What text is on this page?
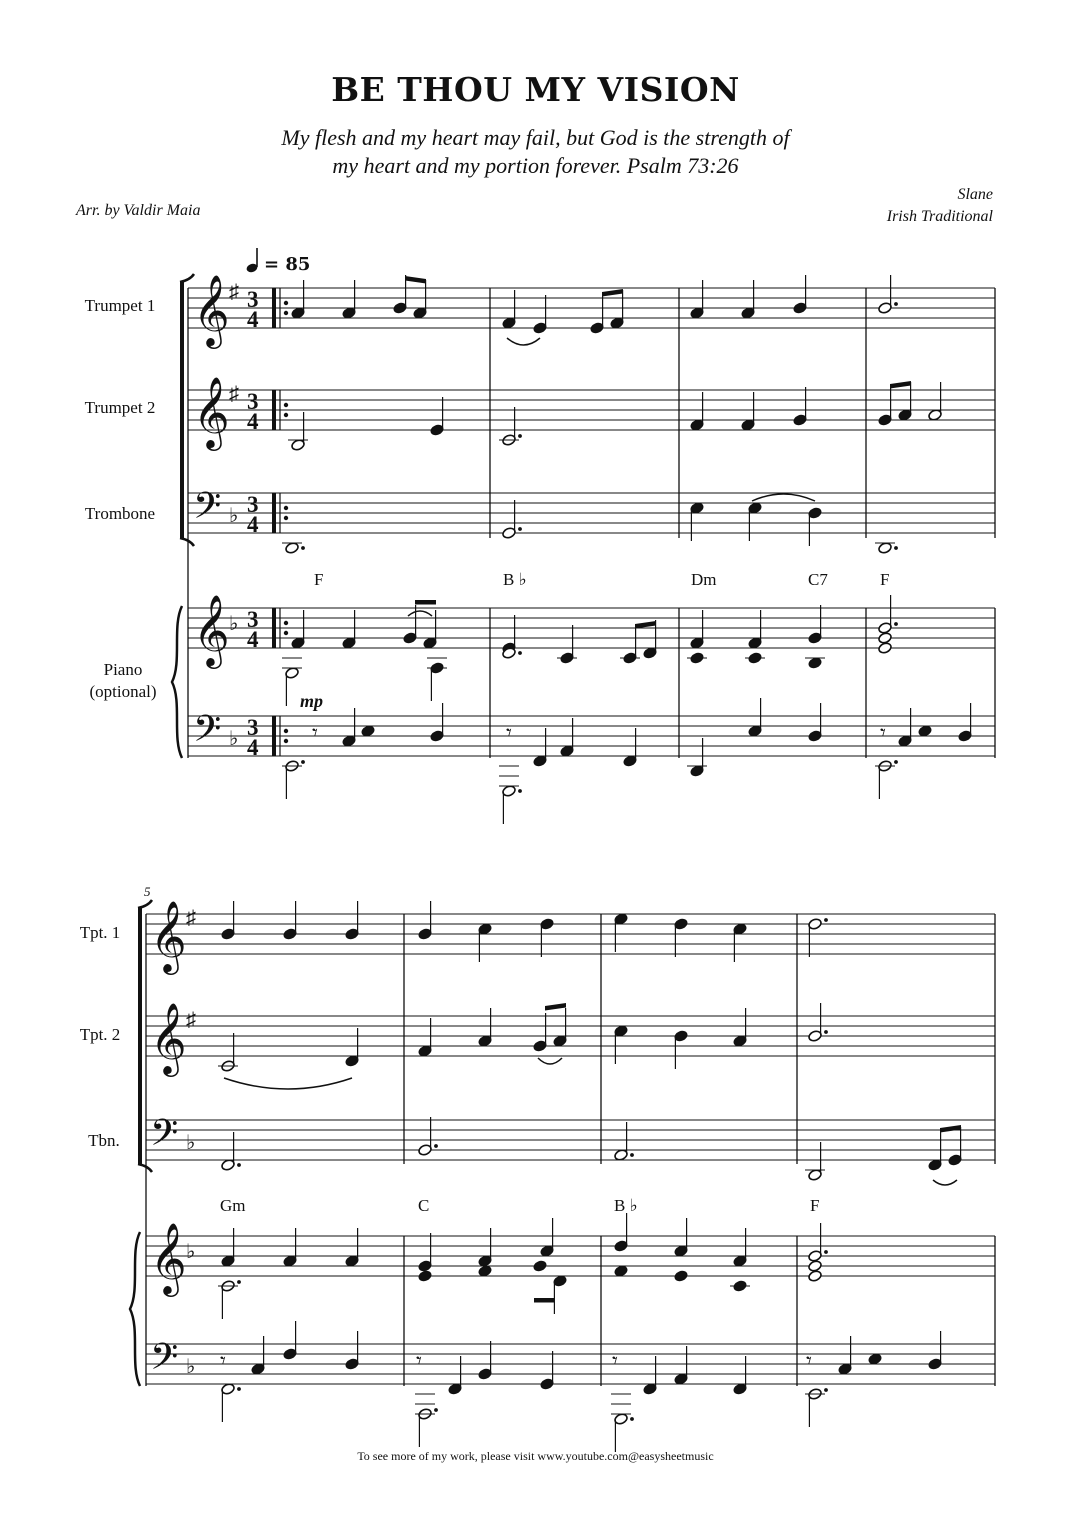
BE THOU MY VISION
My flesh and my heart may fail, but God is the strength of
my heart and my portion forever. Psalm 73:26
Arr. by Valdir Maia
Slane
Irish Traditional
= 85
Trumpet 1
Trumpet 2
Trombone
Piano
(optional)
F	B ♭	Dm	C7	F
mp
𝄞 ♯ 3
4
𝄞 ♯ 3
4
𝄢 ♭ 3
4
𝄞 ♭ 3
4
𝄢 ♭ 3
4
𝄾	𝄾	𝄾
5
Tpt. 1
Tpt. 2
Tbn.
Gm	C	B ♭	F
𝄞 ♯
𝄞 ♯
𝄢 ♭
𝄞 ♭
𝄢 ♭ 𝄾	𝄾	𝄾	𝄾
To see more of my work, please visit www.youtube.com@easysheetmusic
